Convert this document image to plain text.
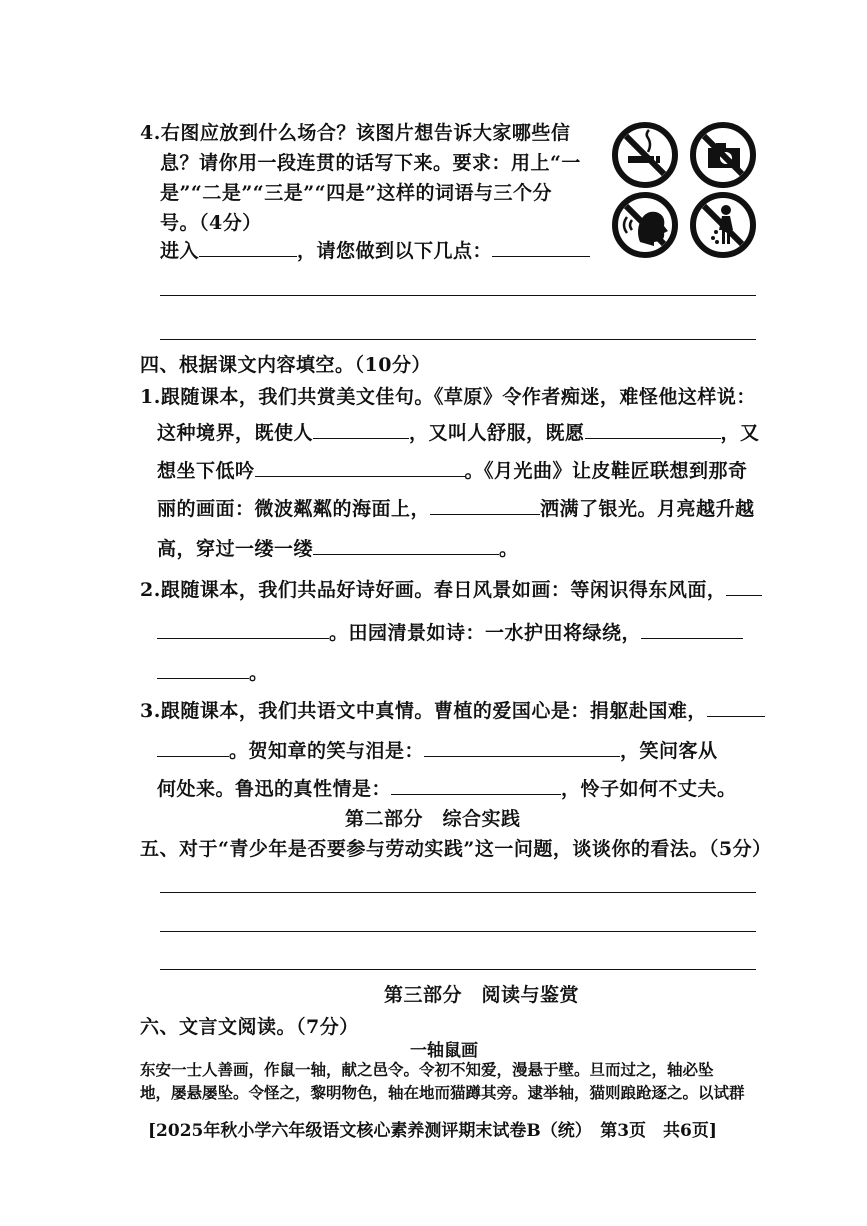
4.右图应放到什么场合？该图片想告诉大家哪些信
息？请你用一段连贯的话写下来。要求：用上“一
是”“二是”“三是”“四是”这样的词语与三个分
号。（4分）
进入	，请您做到以下几点：
四、根据课文内容填空。（10分）
1.跟随课本，我们共赏美文佳句。《草原》令作者痴迷，难怪他这样说：
这种境界，既使人	，又叫人舒服，既愿	，又
想坐下低吟	。《月光曲》让皮鞋匠联想到那奇
丽的画面：微波粼粼的海面上，	洒满了银光。月亮越升越
高，穿过一缕一缕	。
2.跟随课本，我们共品好诗好画。春日风景如画：等闲识得东风面，
。田园清景如诗：一水护田将绿绕，
。
3.跟随课本，我们共语文中真情。曹植的爱国心是：捐躯赴国难，
。贺知章的笑与泪是：	，笑问客从
何处来。鲁迅的真性情是：	，怜子如何不丈夫。
第二部分　综合实践
五、对于“青少年是否要参与劳动实践”这一问题，谈谈你的看法。（5分）
第三部分　阅读与鉴赏
六、文言文阅读。（7分）
一轴鼠画
东安一士人善画，作鼠一轴，献之邑令。令初不知爱，漫悬于壁。旦而过之，轴必坠
地，屡悬屡坠。令怪之，黎明物色，轴在地而猫蹲其旁。逮举轴，猫则踉跄逐之。以试群
[2025年秋小学六年级语文核心素养测评期末试卷B（统）　第3页　共6页]
